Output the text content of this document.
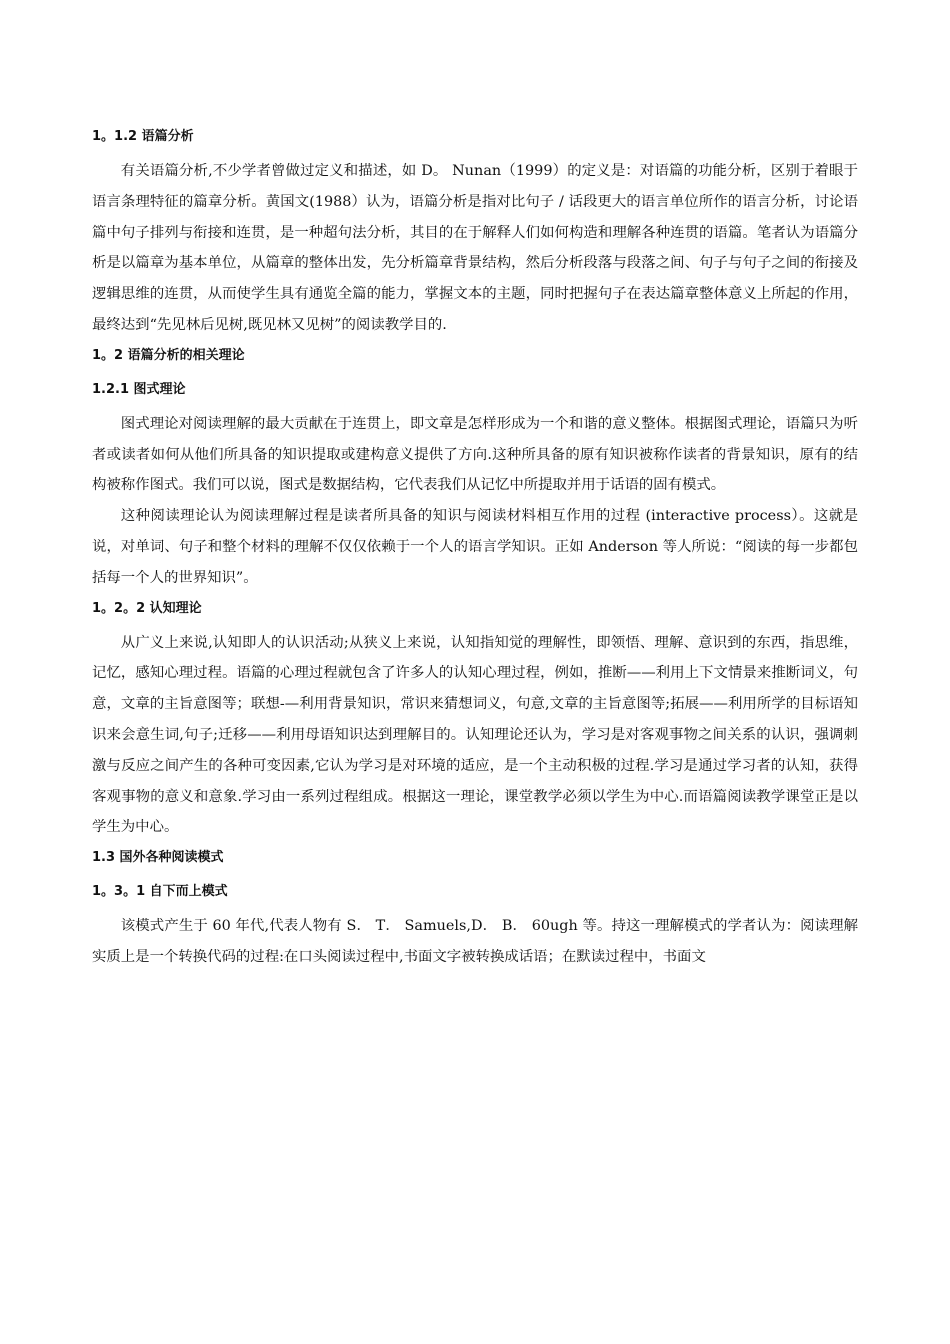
1。1.2 语篇分析

有关语篇分析,不少学者曾做过定义和描述，如 D。 Nunan（1999）的定义是：对语篇的功能分析，区别于着眼于语言条理特征的篇章分析。黄国文(1988）认为，语篇分析是指对比句子 / 话段更大的语言单位所作的语言分析，讨论语篇中句子排列与衔接和连贯，是一种超句法分析，其目的在于解释人们如何构造和理解各种连贯的语篇。笔者认为语篇分析是以篇章为基本单位，从篇章的整体出发，先分析篇章背景结构，然后分析段落与段落之间、句子与句子之间的衔接及逻辑思维的连贯，从而使学生具有通览全篇的能力，掌握文本的主题，同时把握句子在表达篇章整体意义上所起的作用，最终达到“先见林后见树,既见林又见树”的阅读教学目的.

1。2 语篇分析的相关理论
1.2.1 图式理论

图式理论对阅读理解的最大贡献在于连贯上，即文章是怎样形成为一个和谐的意义整体。根据图式理论，语篇只为听者或读者如何从他们所具备的知识提取或建构意义提供了方向.这种所具备的原有知识被称作读者的背景知识，原有的结构被称作图式。我们可以说，图式是数据结构，它代表我们从记忆中所提取并用于话语的固有模式。

这种阅读理论认为阅读理解过程是读者所具备的知识与阅读材料相互作用的过程 (interactive process）。这就是说，对单词、句子和整个材料的理解不仅仅依赖于一个人的语言学知识。正如 Anderson 等人所说：“阅读的每一步都包括每一个人的世界知识”。

1。2。2 认知理论

从广义上来说,认知即人的认识活动;从狭义上来说，认知指知觉的理解性，即领悟、理解、意识到的东西，指思维，记忆，感知心理过程。语篇的心理过程就包含了许多人的认知心理过程，例如，推断——利用上下文情景来推断词义，句意，文章的主旨意图等；联想-—利用背景知识，常识来猜想词义，句意,文章的主旨意图等;拓展——利用所学的目标语知识来会意生词,句子;迁移——利用母语知识达到理解目的。认知理论还认为，学习是对客观事物之间关系的认识，强调刺激与反应之间产生的各种可变因素,它认为学习是对环境的适应，是一个主动积极的过程.学习是通过学习者的认知，获得客观事物的意义和意象.学习由一系列过程组成。根据这一理论，课堂教学必须以学生为中心.而语篇阅读教学课堂正是以学生为中心。

1.3 国外各种阅读模式
1。3。1 自下而上模式

该模式产生于 60 年代,代表人物有 S． T． Samuels,D． B． 60ugh 等。持这一理解模式的学者认为：阅读理解实质上是一个转换代码的过程:在口头阅读过程中,书面文字被转换成话语；在默读过程中，书面文
